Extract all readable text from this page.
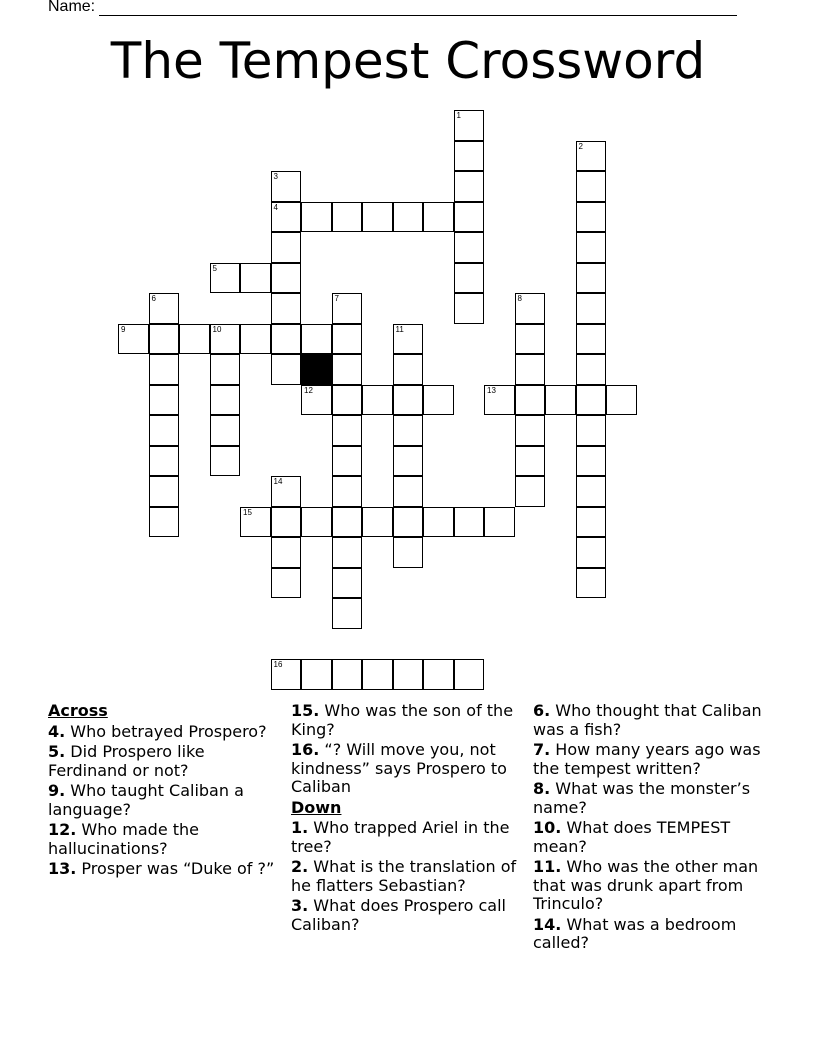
Name:
The Tempest Crossword
1
2
3
4
5
6	7	8
9	10	11
12	13
14
15
16
Across
4. Who betrayed Prospero?
5. Did Prospero like Ferdinand or not?
9. Who taught Caliban a language?
12. Who made the hallucinations?
13. Prosper was “Duke of ?”
15. Who was the son of the King?
16. “? Will move you, not kindness” says Prospero to Caliban
Down
1. Who trapped Ariel in the tree?
2. What is the translation of he flatters Sebastian?
3. What does Prospero call Caliban?
6. Who thought that Caliban was a fish?
7. How many years ago was the tempest written?
8. What was the monster’s name?
10. What does TEMPEST mean?
11. Who was the other man that was drunk apart from Trinculo?
14. What was a bedroom called?
